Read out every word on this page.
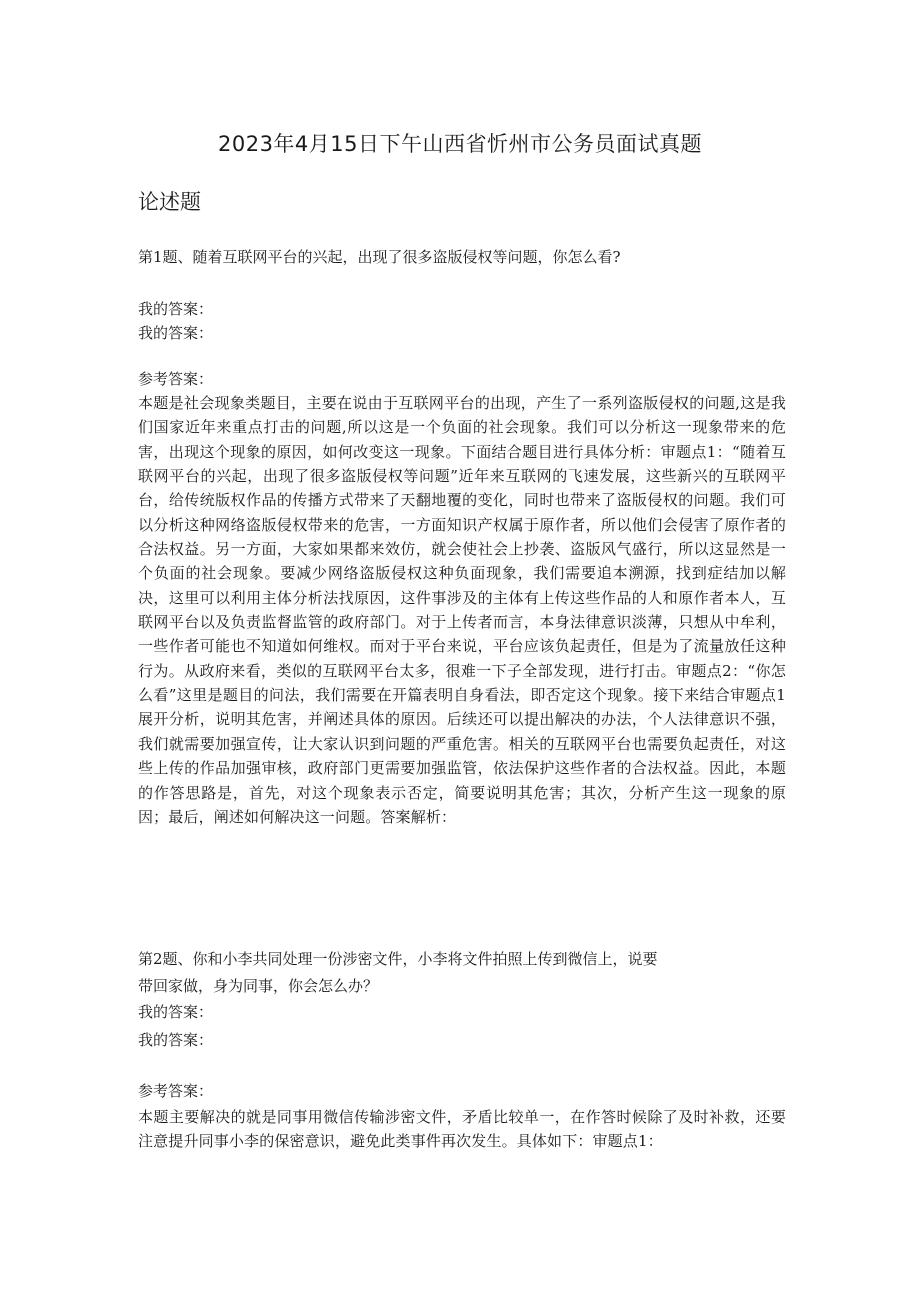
2023年4月15日下午山西省忻州市公务员面试真题
论述题
第1题、随着互联网平台的兴起，出现了很多盗版侵权等问题，你怎么看?
我的答案：
我的答案：
参考答案：
本题是社会现象类题目，主要在说由于互联网平台的出现，产生了一系列盗版侵权的问题,这是我们国家近年来重点打击的问题,所以这是一个负面的社会现象。我们可以分析这一现象带来的危害，出现这个现象的原因，如何改变这一现象。下面结合题目进行具体分析：审题点1：“随着互联网平台的兴起，出现了很多盗版侵权等问题”近年来互联网的飞速发展，这些新兴的互联网平台，给传统版权作品的传播方式带来了天翻地覆的变化，同时也带来了盗版侵权的问题。我们可以分析这种网络盗版侵权带来的危害，一方面知识产权属于原作者，所以他们会侵害了原作者的合法权益。另一方面，大家如果都来效仿，就会使社会上抄袭、盗版风气盛行，所以这显然是一个负面的社会现象。要减少网络盗版侵权这种负面现象，我们需要追本溯源，找到症结加以解决，这里可以利用主体分析法找原因，这件事涉及的主体有上传这些作品的人和原作者本人，互联网平台以及负责监督监管的政府部门。对于上传者而言，本身法律意识淡薄，只想从中牟利，一些作者可能也不知道如何维权。而对于平台来说，平台应该负起责任，但是为了流量放任这种行为。从政府来看，类似的互联网平台太多，很难一下子全部发现，进行打击。审题点2：“你怎么看”这里是题目的问法，我们需要在开篇表明自身看法，即否定这个现象。接下来结合审题点1展开分析，说明其危害，并阐述具体的原因。后续还可以提出解决的办法，个人法律意识不强，我们就需要加强宣传，让大家认识到问题的严重危害。相关的互联网平台也需要负起责任，对这些上传的作品加强审核，政府部门更需要加强监管，依法保护这些作者的合法权益。因此，本题的作答思路是，首先，对这个现象表示否定，简要说明其危害；其次，分析产生这一现象的原因；最后，阐述如何解决这一问题。答案解析：
第2题、你和小李共同处理一份涉密文件，小李将文件拍照上传到微信上，说要
带回家做，身为同事，你会怎么办？
我的答案：
我的答案：
参考答案：
本题主要解决的就是同事用微信传输涉密文件，矛盾比较单一，在作答时候除了及时补救，还要注意提升同事小李的保密意识，避免此类事件再次发生。具体如下：审题点1：
